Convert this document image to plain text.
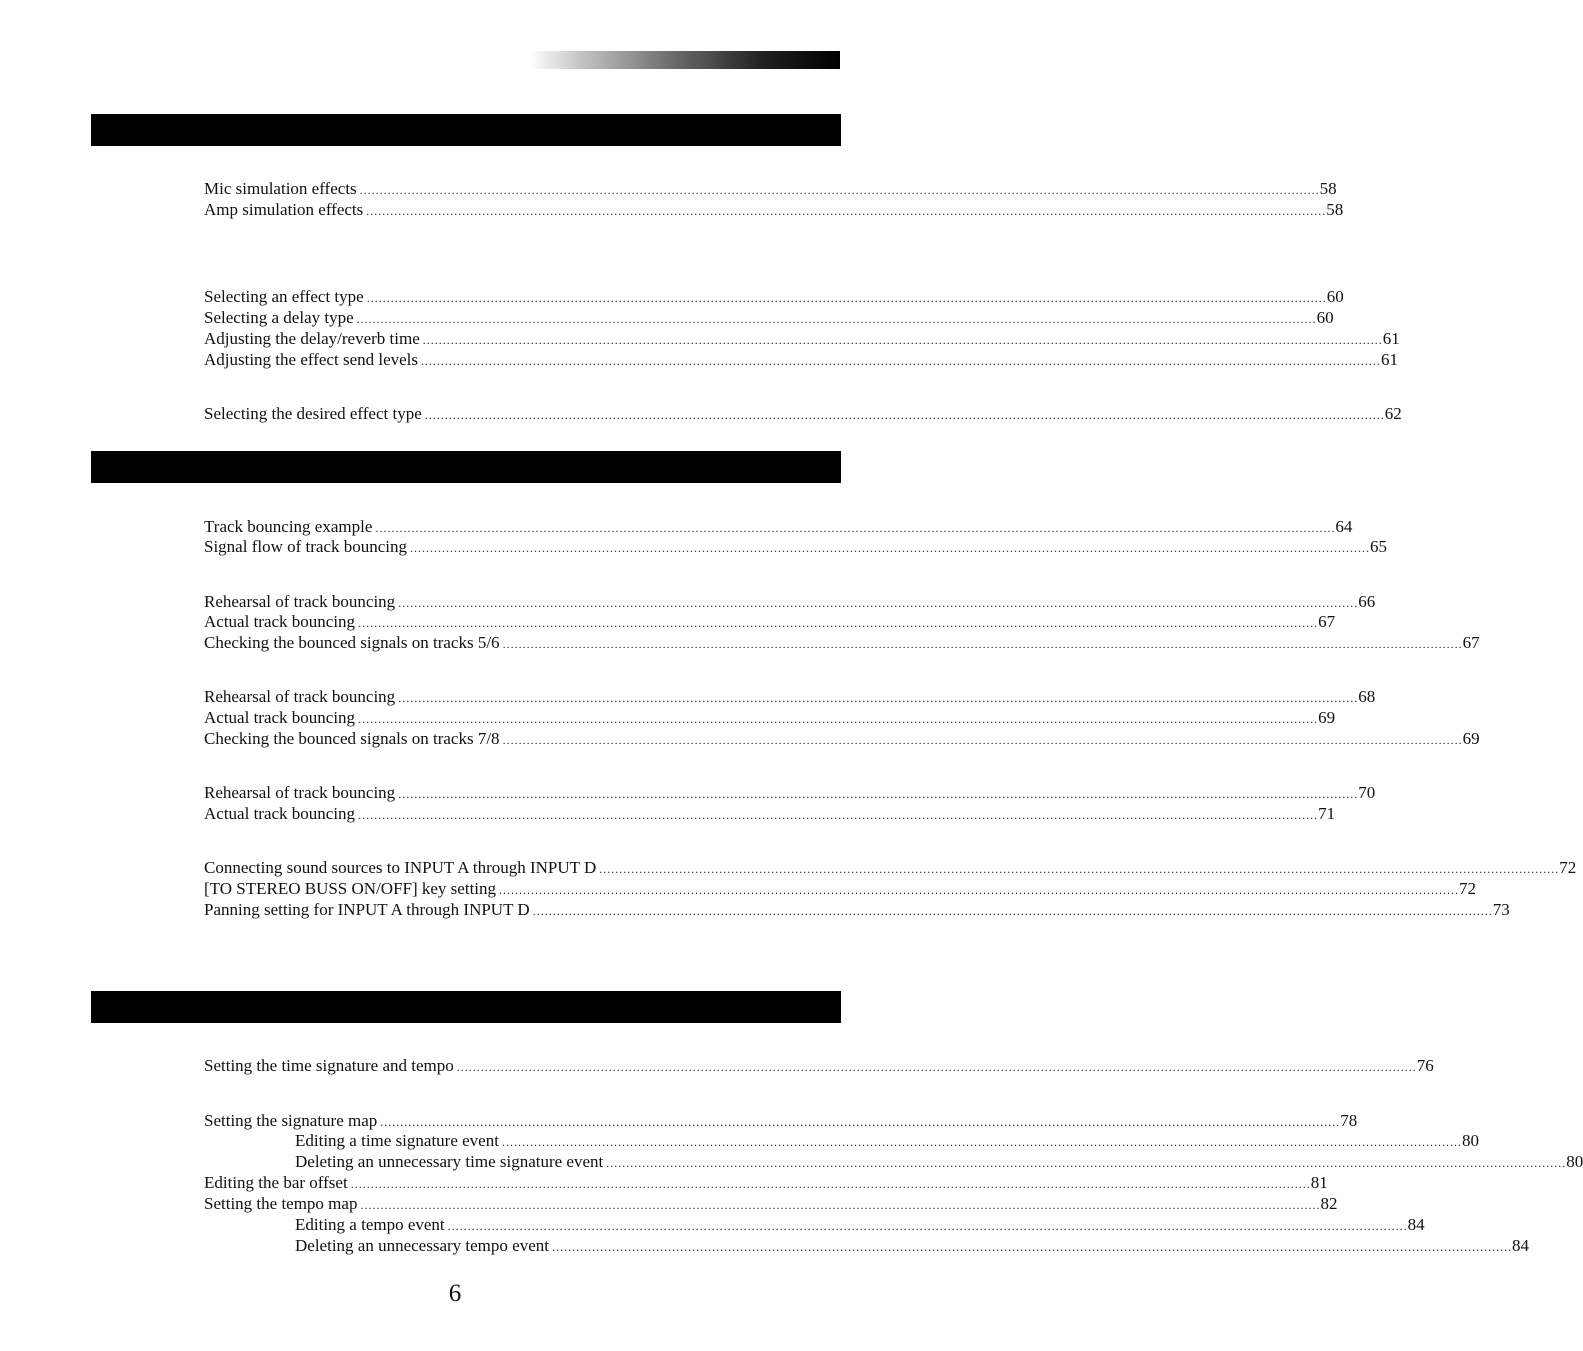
Mic simulation effects ................................................................................................................................................................................................................................................ 58
Amp simulation effects ................................................................................................................................................................................................................................................ 58
Selecting an effect type ................................................................................................................................................................................................................................................ 60
Selecting a delay type ................................................................................................................................................................................................................................................ 60
Adjusting the delay/reverb time ................................................................................................................................................................................................................................................ 61
Adjusting the effect send levels ................................................................................................................................................................................................................................................ 61
Selecting the desired effect type ................................................................................................................................................................................................................................................ 62
Track bouncing example ................................................................................................................................................................................................................................................ 64
Signal flow of track bouncing ................................................................................................................................................................................................................................................ 65
Rehearsal of track bouncing ................................................................................................................................................................................................................................................ 66
Actual track bouncing ................................................................................................................................................................................................................................................ 67
Checking the bounced signals on tracks 5/6 ................................................................................................................................................................................................................................................ 67
Rehearsal of track bouncing ................................................................................................................................................................................................................................................ 68
Actual track bouncing ................................................................................................................................................................................................................................................ 69
Checking the bounced signals on tracks 7/8 ................................................................................................................................................................................................................................................ 69
Rehearsal of track bouncing ................................................................................................................................................................................................................................................ 70
Actual track bouncing ................................................................................................................................................................................................................................................ 71
Connecting sound sources to INPUT A through INPUT D ................................................................................................................................................................................................................................................ 72
[TO STEREO BUSS ON/OFF] key setting ................................................................................................................................................................................................................................................ 72
Panning setting for INPUT A through INPUT D ................................................................................................................................................................................................................................................ 73
Setting the time signature and tempo ................................................................................................................................................................................................................................................ 76
Setting the signature map ................................................................................................................................................................................................................................................ 78
Editing a time signature event ................................................................................................................................................................................................................................................ 80
Deleting an unnecessary time signature event ................................................................................................................................................................................................................................................ 80
Editing the bar offset ................................................................................................................................................................................................................................................ 81
Setting the tempo map ................................................................................................................................................................................................................................................ 82
Editing a tempo event ................................................................................................................................................................................................................................................ 84
Deleting an unnecessary tempo event ................................................................................................................................................................................................................................................ 84
6
